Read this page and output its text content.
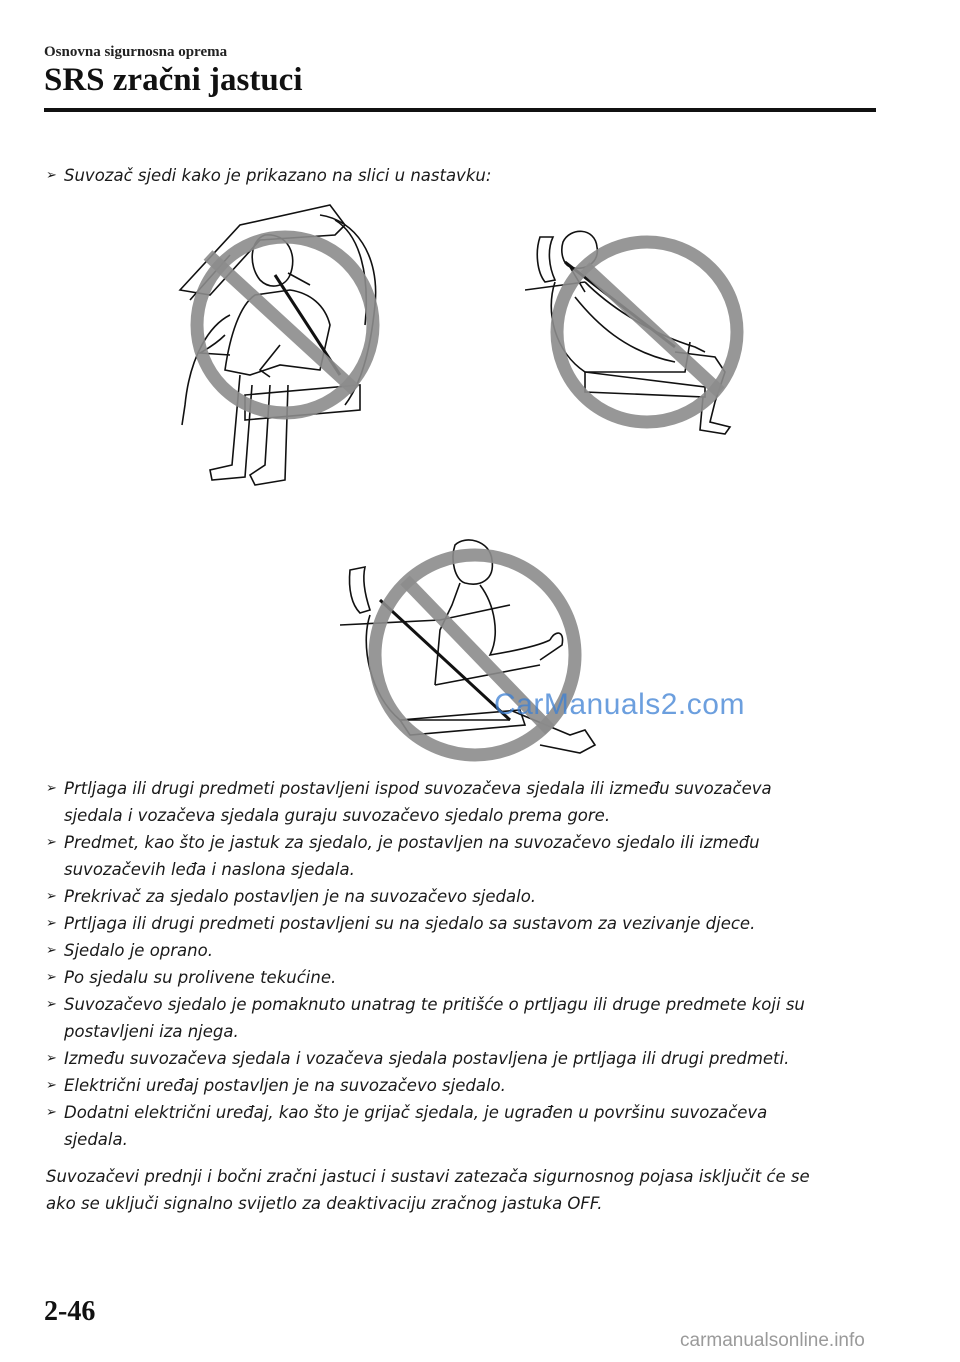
Osnovna sigurnosna oprema
SRS zračni jastuci
➢ Suvozač sjedi kako je prikazano na slici u nastavku:
CarManuals2.com
➢ Prtljaga ili drugi predmeti postavljeni ispod suvozačeva sjedala ili između suvozačeva
sjedala i vozačeva sjedala guraju suvozačevo sjedalo prema gore.
➢ Predmet, kao što je jastuk za sjedalo, je postavljen na suvozačevo sjedalo ili između
suvozačevih leđa i naslona sjedala.
➢ Prekrivač za sjedalo postavljen je na suvozačevo sjedalo.
➢ Prtljaga ili drugi predmeti postavljeni su na sjedalo sa sustavom za vezivanje djece.
➢ Sjedalo je oprano.
➢ Po sjedalu su prolivene tekućine.
➢ Suvozačevo sjedalo je pomaknuto unatrag te pritišće o prtljagu ili druge predmete koji su
postavljeni iza njega.
➢ Između suvozačeva sjedala i vozačeva sjedala postavljena je prtljaga ili drugi predmeti.
➢ Električni uređaj postavljen je na suvozačevo sjedalo.
➢ Dodatni električni uređaj, kao što je grijač sjedala, je ugrađen u površinu suvozačeva
sjedala.
Suvozačevi prednji i bočni zračni jastuci i sustavi zatezača sigurnosnog pojasa isključit će se
ako se uključi signalno svijetlo za deaktivaciju zračnog jastuka OFF.
2-46
carmanualsonline.info
